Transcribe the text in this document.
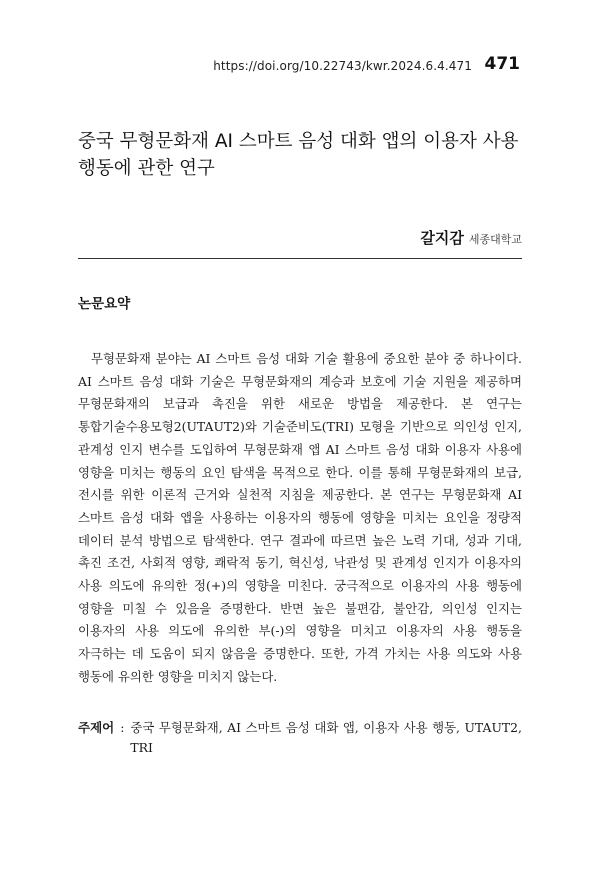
https://doi.org/10.22743/kwr.2024.6.4.471 471
중국 무형문화재 AI 스마트 음성 대화 앱의 이용자 사용 행동에 관한 연구
갈지감 세종대학교
논문요약

무형문화재 분야는 AI 스마트 음성 대화 기술 활용에 중요한 분야 중 하나이다. AI 스마트 음성 대화 기술은 무형문화재의 계승과 보호에 기술 지원을 제공하며 무형문화재의 보급과 촉진을 위한 새로운 방법을 제공한다. 본 연구는 통합기술수용모형2(UTAUT2)와 기술준비도(TRI) 모형을 기반으로 의인성 인지, 관계성 인지 변수를 도입하여 무형문화재 앱 AI 스마트 음성 대화 이용자 사용에 영향을 미치는 행동의 요인 탐색을 목적으로 한다. 이를 통해 무형문화재의 보급, 전시를 위한 이론적 근거와 실천적 지침을 제공한다. 본 연구는 무형문화재 AI 스마트 음성 대화 앱을 사용하는 이용자의 행동에 영향을 미치는 요인을 정량적 데이터 분석 방법으로 탐색한다. 연구 결과에 따르면 높은 노력 기대, 성과 기대, 촉진 조건, 사회적 영향, 쾌락적 동기, 혁신성, 낙관성 및 관계성 인지가 이용자의 사용 의도에 유의한 정(+)의 영향을 미친다. 궁극적으로 이용자의 사용 행동에 영향을 미칠 수 있음을 증명한다. 반면 높은 불편감, 불안감, 의인성 인지는 이용자의 사용 의도에 유의한 부(-)의 영향을 미치고 이용자의 사용 행동을 자극하는 데 도움이 되지 않음을 증명한다. 또한, 가격 가치는 사용 의도와 사용 행동에 유의한 영향을 미치지 않는다.

주제어 : 중국 무형문화재, AI 스마트 음성 대화 앱, 이용자 사용 행동, UTAUT2, TRI
